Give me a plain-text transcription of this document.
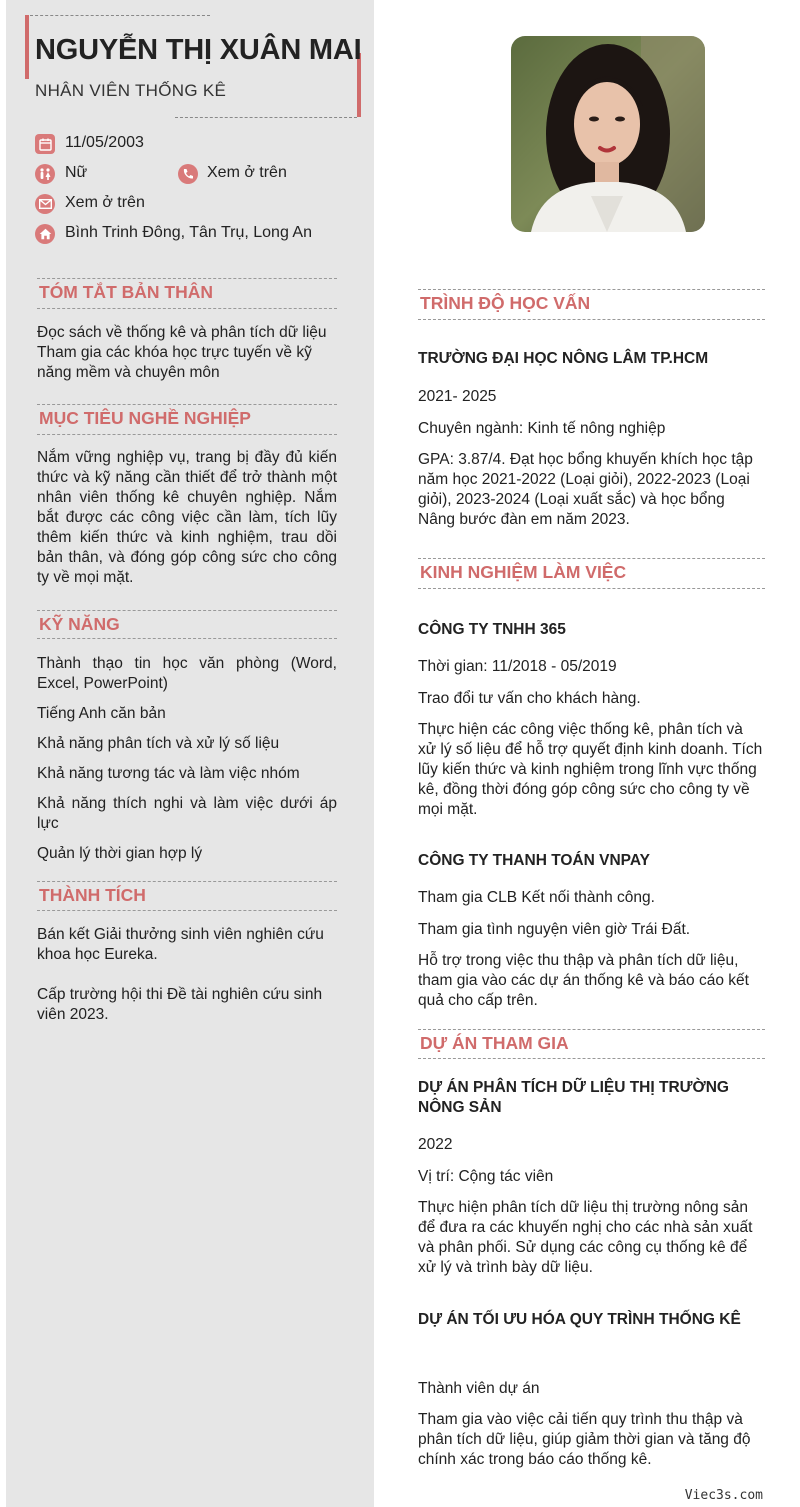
NGUYỄN THỊ XUÂN MAI
NHÂN VIÊN THỐNG KÊ
11/05/2003
Nữ	Xem ở trên
Xem ở trên
Bình Trinh Đông, Tân Trụ, Long An
TÓM TẮT BẢN THÂN
Đọc sách về thống kê và phân tích dữ liệu Tham gia các khóa học trực tuyến về kỹ năng mềm và chuyên môn
MỤC TIÊU NGHỀ NGHIỆP
Nắm vững nghiệp vụ, trang bị đầy đủ kiến thức và kỹ năng cần thiết để trở thành một nhân viên thống kê chuyên nghiệp. Nắm bắt được các công việc cần làm, tích lũy thêm kiến thức và kinh nghiệm, trau dồi bản thân, và đóng góp công sức cho công ty về mọi mặt.
KỸ NĂNG
Thành thạo tin học văn phòng (Word, Excel, PowerPoint)
Tiếng Anh căn bản
Khả năng phân tích và xử lý số liệu
Khả năng tương tác và làm việc nhóm
Khả năng thích nghi và làm việc dưới áp lực
Quản lý thời gian hợp lý
THÀNH TÍCH
Bán kết Giải thưởng sinh viên nghiên cứu khoa học Eureka.
Cấp trường hội thi Đề tài nghiên cứu sinh viên 2023.
TRÌNH ĐỘ HỌC VẤN
TRƯỜNG ĐẠI HỌC NÔNG LÂM TP.HCM
2021- 2025
Chuyên ngành: Kinh tế nông nghiệp
GPA: 3.87/4. Đạt học bổng khuyến khích học tập năm học 2021-2022 (Loại giỏi), 2022-2023 (Loại giỏi), 2023-2024 (Loại xuất sắc) và học bổng Nâng bước đàn em năm 2023.
KINH NGHIỆM LÀM VIỆC
CÔNG TY TNHH 365
Thời gian: 11/2018 - 05/2019
Trao đổi tư vấn cho khách hàng.
Thực hiện các công việc thống kê, phân tích và xử lý số liệu để hỗ trợ quyết định kinh doanh. Tích lũy kiến thức và kinh nghiệm trong lĩnh vực thống kê, đồng thời đóng góp công sức cho công ty về mọi mặt.
CÔNG TY THANH TOÁN VNPAY
Tham gia CLB Kết nối thành công.
Tham gia tình nguyện viên giờ Trái Đất.
Hỗ trợ trong việc thu thập và phân tích dữ liệu, tham gia vào các dự án thống kê và báo cáo kết quả cho cấp trên.
DỰ ÁN THAM GIA
DỰ ÁN PHÂN TÍCH DỮ LIỆU THỊ TRƯỜNG NÔNG SẢN
2022
Vị trí: Cộng tác viên
Thực hiện phân tích dữ liệu thị trường nông sản để đưa ra các khuyến nghị cho các nhà sản xuất và phân phối. Sử dụng các công cụ thống kê để xử lý và trình bày dữ liệu.
DỰ ÁN TỐI ƯU HÓA QUY TRÌNH THỐNG KÊ
Thành viên dự án
Tham gia vào việc cải tiến quy trình thu thập và phân tích dữ liệu, giúp giảm thời gian và tăng độ chính xác trong báo cáo thống kê.
Viec3s.com
